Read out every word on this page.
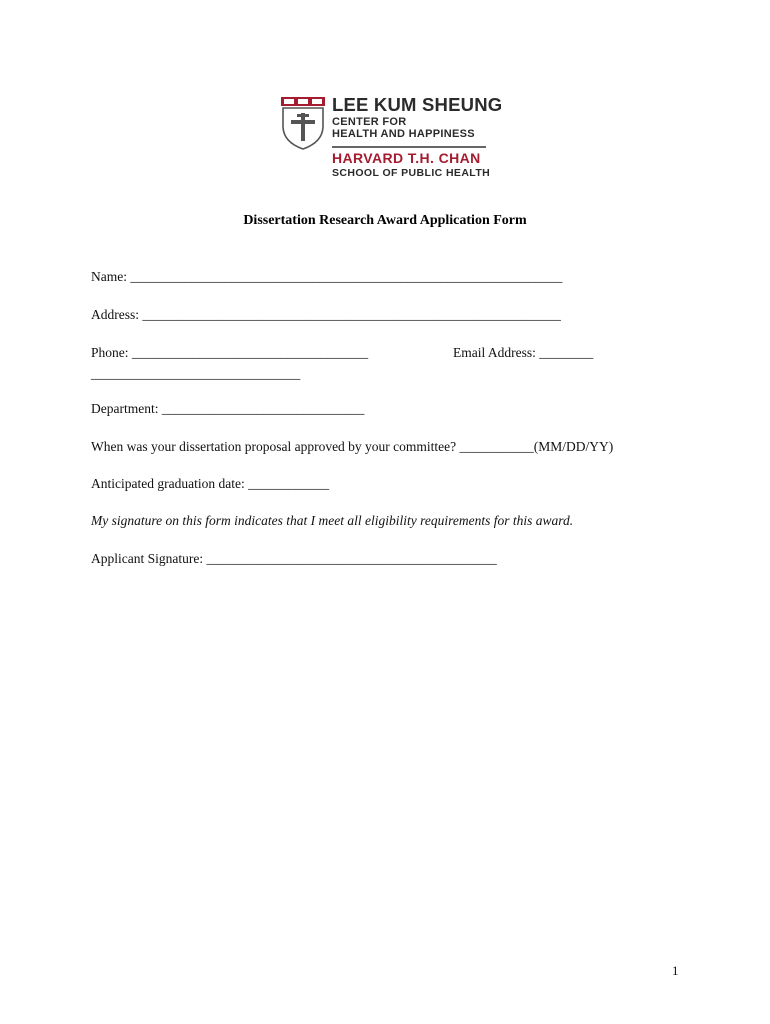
LEE KUM SHEUNG
CENTER FOR
HEALTH AND HAPPINESS
HARVARD T.H. CHAN
SCHOOL OF PUBLIC HEALTH
Dissertation Research Award Application Form
Name: ________________________________________________________________
Address: ______________________________________________________________
Phone: ___________________________________	Email Address: ________
_______________________________
Department: ______________________________
When was your dissertation proposal approved by your committee? ___________(MM/DD/YY)
Anticipated graduation date: ____________
My signature on this form indicates that I meet all eligibility requirements for this award.
Applicant Signature: ___________________________________________
1
